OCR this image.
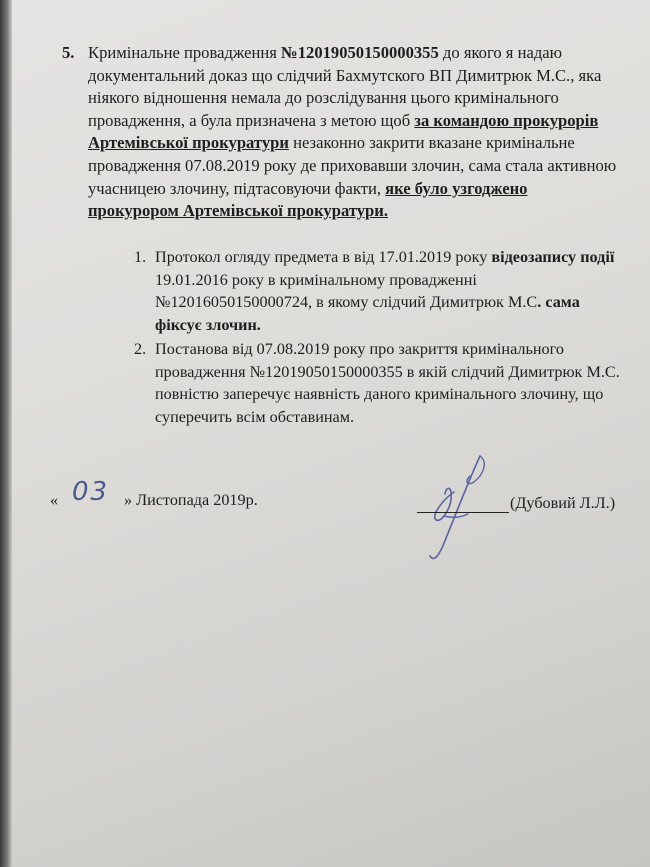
5. Кримінальне провадження №12019050150000355 до якого я надаю документальний доказ що слідчий Бахмутского ВП Димитрюк М.С., яка ніякого відношення немала до розслідування цього кримінального провадження, а була призначена з метою щоб за командою прокурорів Артемівської прокуратури незаконно закрити вказане кримінальне провадження 07.08.2019 року де приховавши злочин, сама стала активною учасницею злочину, підтасовуючи факти, яке було узгоджено прокурором Артемівської прокуратури.

1. Протокол огляду предмета в від 17.01.2019 року відеозапису події 19.01.2016 року в кримінальному провадженні №12016050150000724, в якому слідчий Димитрюк М.С. сама фіксує злочин.

2. Постанова від 07.08.2019 року про закриття кримінального провадження №12019050150000355 в якій слідчий Димитрюк М.С. повністю заперечує наявність даного кримінального злочину, що суперечить всім обставинам.

« 03 » Листопада 2019р.	(Дубовий Л.Л.)
